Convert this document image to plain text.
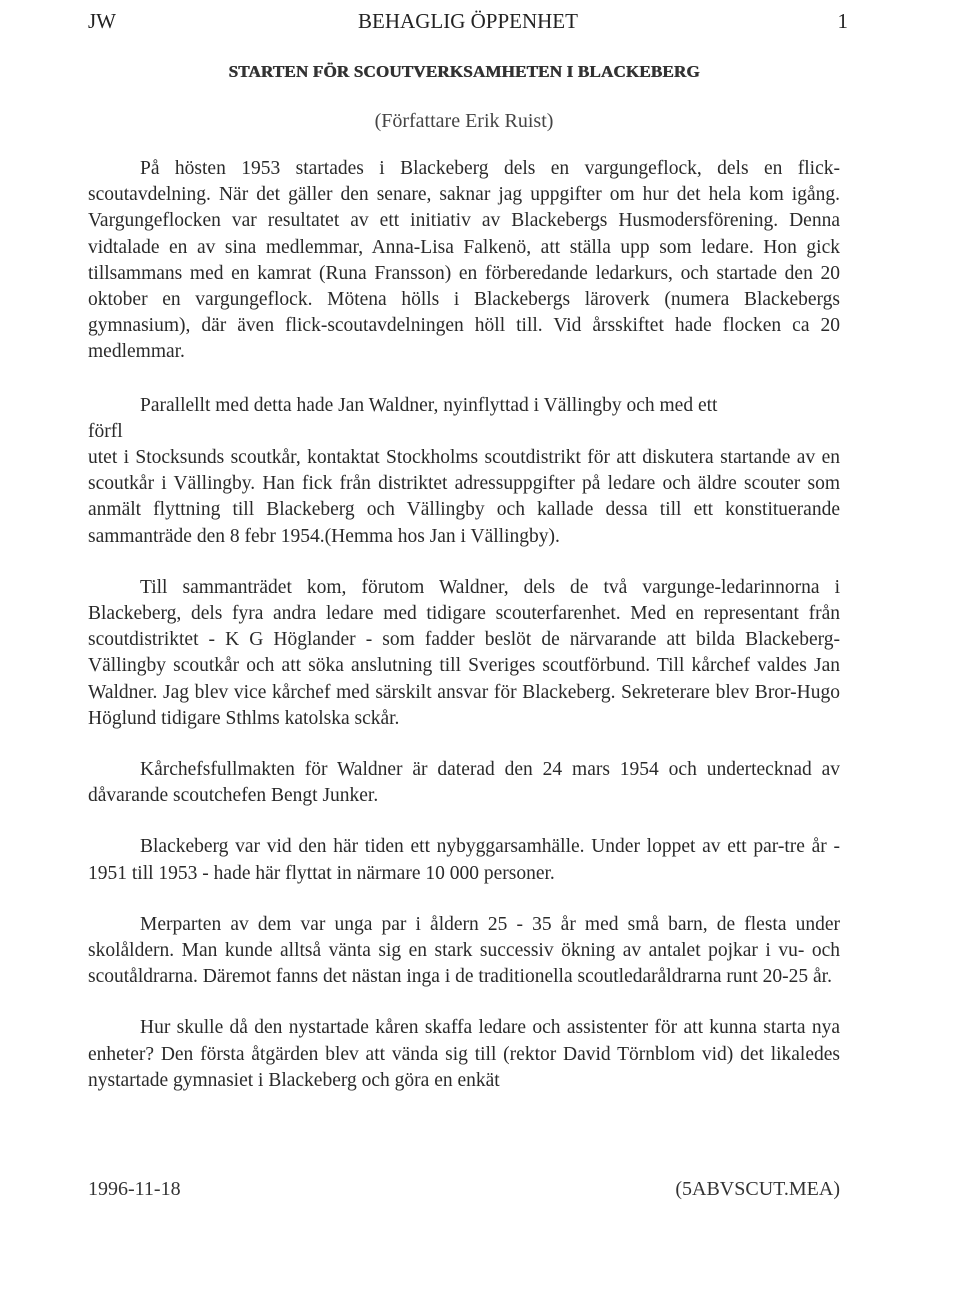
JW	BEHAGLIG ÖPPENHET	1
STARTEN FÖR SCOUTVERKSAMHETEN I BLACKEBERG
(Författare Erik Ruist)

På hösten 1953 startades i Blackeberg dels en vargungeflock, dels en flick-scoutavdelning. När det gäller den senare, saknar jag uppgifter om hur det hela kom igång. Vargungeflocken var resultatet av ett initiativ av Blackebergs Husmodersförening. Denna vidtalade en av sina medlemmar, Anna-Lisa Falkenö, att ställa upp som ledare. Hon gick tillsammans med en kamrat (Runa Fransson) en förberedande ledarkurs, och startade den 20 oktober en vargungeflock. Mötena hölls i Blackebergs läroverk (numera Blackebergs gymnasium), där även flick-scoutavdelningen höll till. Vid årsskiftet hade flocken ca 20 medlemmar.

Parallellt med detta hade Jan Waldner, nyinflyttad i Vällingby och med ett
förfl
utet i Stocksunds scoutkår, kontaktat Stockholms scoutdistrikt för att diskutera startande av en scoutkår i Vällingby. Han fick från distriktet adressuppgifter på ledare och äldre scouter som anmält flyttning till Blackeberg och Vällingby och kallade dessa till ett konstituerande sammanträde den 8 febr 1954.(Hemma hos Jan i Vällingby).

Till sammanträdet kom, förutom Waldner, dels de två vargunge-ledarinnorna i Blackeberg, dels fyra andra ledare med tidigare scouterfarenhet. Med en representant från scoutdistriktet - K G Höglander - som fadder beslöt de närvarande att bilda Blackeberg-Vällingby scoutkår och att söka anslutning till Sveriges scoutförbund. Till kårchef valdes Jan Waldner. Jag blev vice kårchef med särskilt ansvar för Blackeberg. Sekreterare blev Bror-Hugo Höglund tidigare Sthlms katolska sckår.

Kårchefsfullmakten för Waldner är daterad den 24 mars 1954 och undertecknad av dåvarande scoutchefen Bengt Junker.

Blackeberg var vid den här tiden ett nybyggarsamhälle. Under loppet av ett par-tre år - 1951 till 1953 - hade här flyttat in närmare 10 000 personer.

Merparten av dem var unga par i åldern 25 - 35 år med små barn, de flesta under skolåldern. Man kunde alltså vänta sig en stark successiv ökning av antalet pojkar i vu- och scoutåldrarna. Däremot fanns det nästan inga i de traditionella scoutledaråldrarna runt 20-25 år.

Hur skulle då den nystartade kåren skaffa ledare och assistenter för att kunna starta nya enheter? Den första åtgärden blev att vända sig till (rektor David Törnblom vid) det likaledes nystartade gymnasiet i Blackeberg och göra en enkät

1996-11-18	(5ABVSCUT.MEA)
